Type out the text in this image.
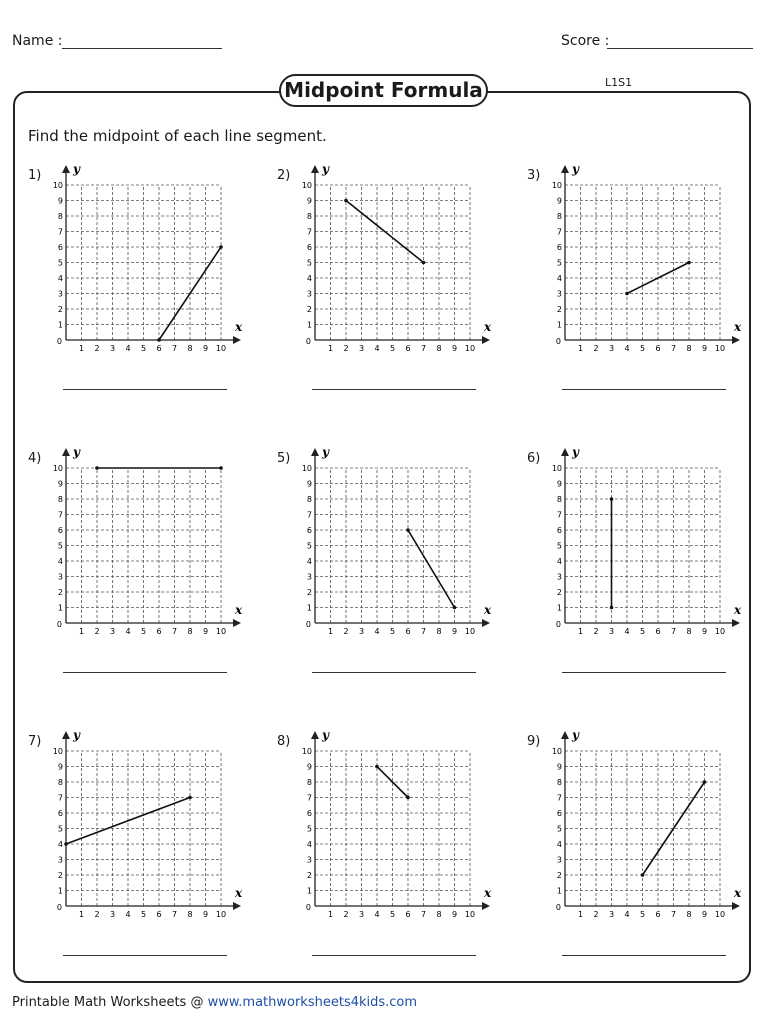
Name :	Score :
Midpoint Formula	L1S1
Find the midpoint of each line segment.
1)
x
y
0
1
1
2
2
3
3
4
4
5
5
6
6
7
7
8
8
9
9
10
10
2)
x
y
0
1
1
2
2
3
3
4
4
5
5
6
6
7
7
8
8
9
9
10
10
3)
x
y
0
1
1
2
2
3
3
4
4
5
5
6
6
7
7
8
8
9
9
10
10
4)
x
y
0
1
1
2
2
3
3
4
4
5
5
6
6
7
7
8
8
9
9
10
10
5)
x
y
0
1
1
2
2
3
3
4
4
5
5
6
6
7
7
8
8
9
9
10
10
6)
x
y
0
1
1
2
2
3
3
4
4
5
5
6
6
7
7
8
8
9
9
10
10
7)
x
y
0
1
1
2
2
3
3
4
4
5
5
6
6
7
7
8
8
9
9
10
10
8)
x
y
0
1
1
2
2
3
3
4
4
5
5
6
6
7
7
8
8
9
9
10
10
9)
x
y
0
1
1
2
2
3
3
4
4
5
5
6
6
7
7
8
8
9
9
10
10
Printable Math Worksheets @ www.mathworksheets4kids.com
